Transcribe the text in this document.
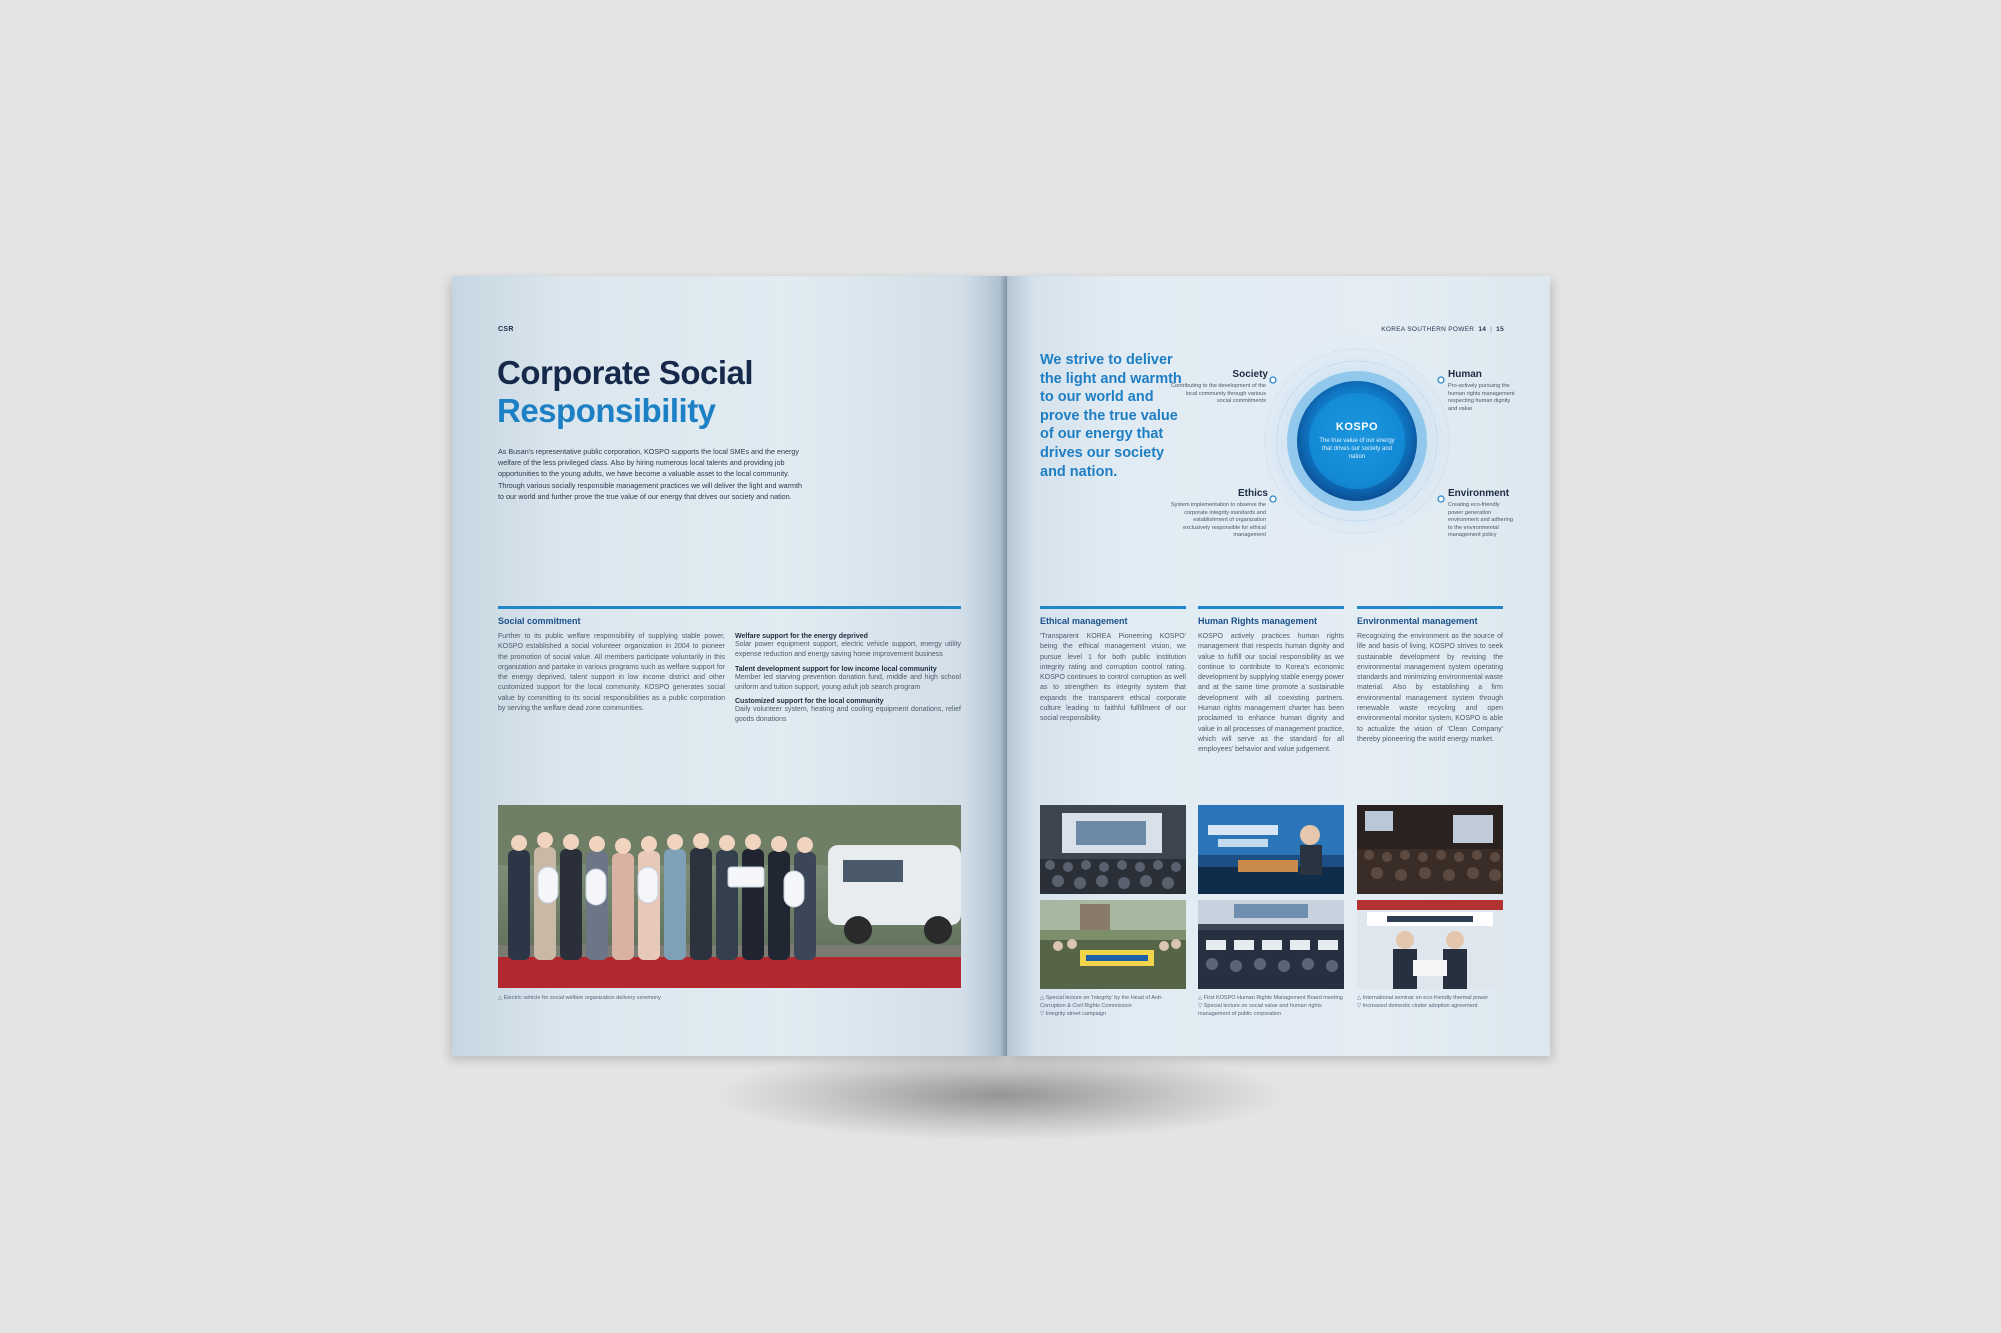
CSR
Corporate Social
Responsibility
As Busan's representative public corporation, KOSPO supports the local SMEs and the energy welfare of the less privileged class. Also by hiring numerous local talents and providing job opportunities to the young adults, we have become a valuable asset to the local community. Through various socially responsible management practices we will deliver the light and warmth to our world and further prove the true value of our energy that drives our society and nation.
Social commitment
Further to its public welfare responsibility of supplying stable power, KOSPO established a social volunteer organization in 2004 to pioneer the promotion of social value. All members participate voluntarily in this organization and partake in various programs such as welfare support for the energy deprived, talent support in low income district and other customized support for the local community. KOSPO generates social value by committing to its social responsibilities as a public corporation by serving the welfare dead zone communities.
Welfare support for the energy deprived
Solar power equipment support, electric vehicle support, energy utility expense reduction and energy saving home improvement business
Talent development support for low income local community
Member led starving prevention donation fund, middle and high school uniform and tuition support, young adult job search program
Customized support for the local community
Daily volunteer system, heating and cooling equipment donations, relief goods donations
△ Electric vehicle for social welfare organization delivery ceremony
KOREA SOUTHERN POWER 14 | 15
We strive to deliver the light and warmth to our world and prove the true value of our energy that drives our society and nation.
KOSPO
The true value of our energy that drives our society and nation
Society
Contributing to the development of the local community through various social commitments
Human
Pro-actively pursuing the human rights management respecting human dignity and value
Ethics
System implementation to observe the corporate integrity standards and establishment of organization exclusively responsible for ethical management
Environment
Creating eco-friendly power generation environment and adhering to the environmental management policy
Ethical management	Human Rights management	Environmental management
'Transparent KOREA Pioneering KOSPO' being the ethical management vision, we pursue level 1 for both public institution integrity rating and corruption control rating. KOSPO continues to control corruption as well as to strengthen its integrity system that expands the transparent ethical corporate culture leading to faithful fulfillment of our social responsibility.
KOSPO actively practices human rights management that respects human dignity and value to fulfill our social responsibility as we continue to contribute to Korea's economic development by supplying stable energy power and at the same time promote a sustainable development with all coexisting partners. Human rights management charter has been proclaimed to enhance human dignity and value in all processes of management practice, which will serve as the standard for all employees' behavior and value judgement.
Recognizing the environment as the source of life and basis of living, KOSPO strives to seek sustainable development by revising the environmental management system operating standards and minimizing environmental waste material. Also by establishing a firm environmental management system through renewable waste recycling and open environmental monitor system, KOSPO is able to actualize the vision of 'Clean Company' thereby pioneering the world energy market.
△ Special lecture on 'Integrity' by the Head of Anti-Corruption & Civil Rights Commission
▽ Integrity street campaign
△ First KOSPO Human Rights Management Board meeting
▽ Special lecture on social value and human rights management of public corporation
△ International seminar on eco-friendly thermal power
▽ Increased domestic cinder adoption agreement
